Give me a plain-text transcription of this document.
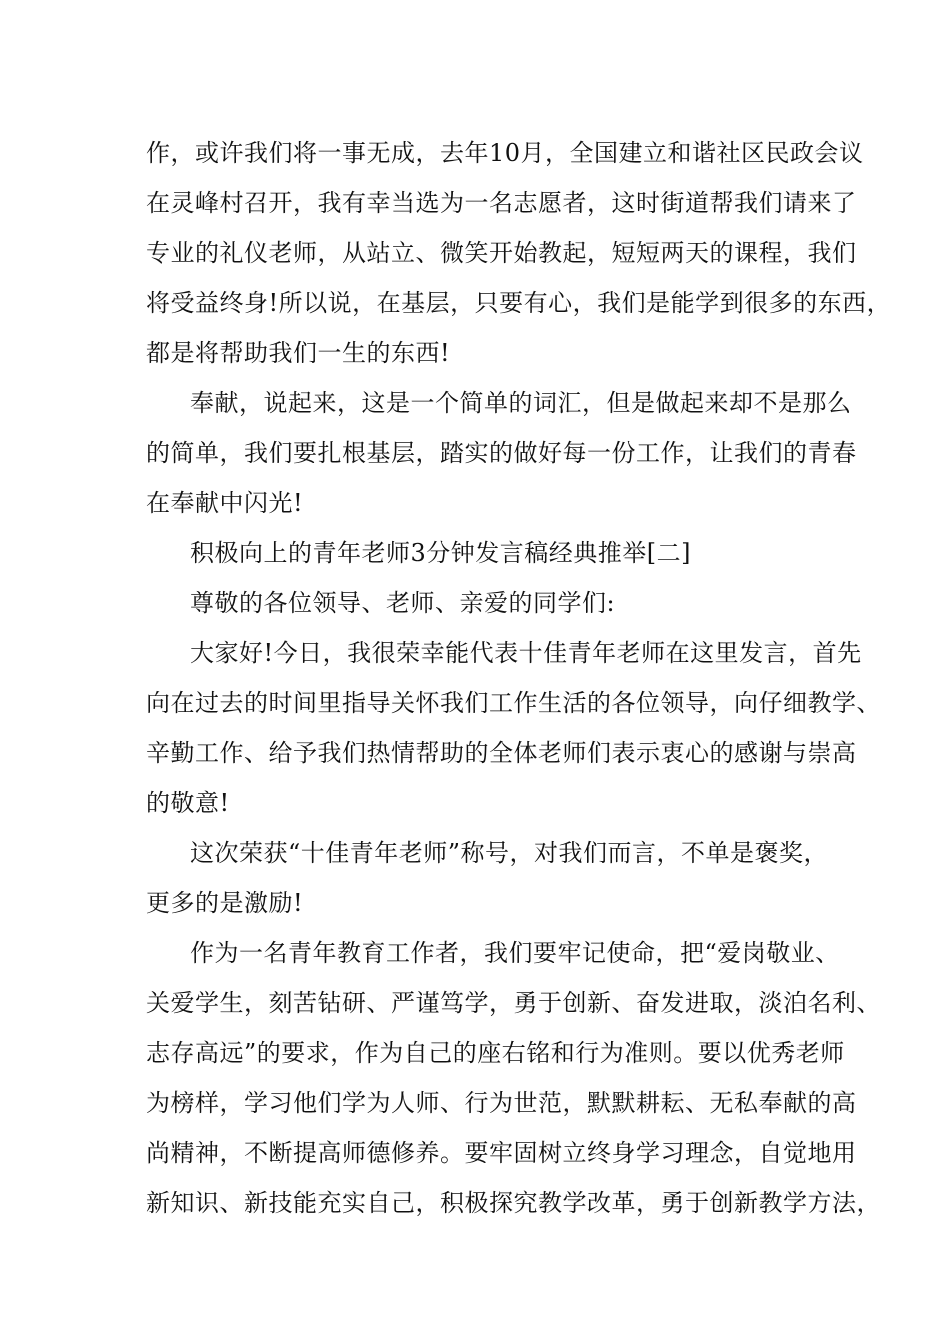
作，或许我们将一事无成，去年10月，全国建立和谐社区民政会议
在灵峰村召开，我有幸当选为一名志愿者，这时街道帮我们请来了
专业的礼仪老师，从站立、微笑开始教起，短短两天的课程，我们
将受益终身!所以说，在基层，只要有心，我们是能学到很多的东西，
都是将帮助我们一生的东西!
奉献，说起来，这是一个简单的词汇，但是做起来却不是那么
的简单，我们要扎根基层，踏实的做好每一份工作，让我们的青春
在奉献中闪光!
积极向上的青年老师3分钟发言稿经典推举[二]
尊敬的各位领导、老师、亲爱的同学们:
大家好!今日，我很荣幸能代表十佳青年老师在这里发言，首先
向在过去的时间里指导关怀我们工作生活的各位领导，向仔细教学、
辛勤工作、给予我们热情帮助的全体老师们表示衷心的感谢与崇高
的敬意!
这次荣获“十佳青年老师”称号，对我们而言，不单是褒奖，
更多的是激励!
作为一名青年教育工作者，我们要牢记使命，把“爱岗敬业、
关爱学生，刻苦钻研、严谨笃学，勇于创新、奋发进取，淡泊名利、
志存高远”的要求，作为自己的座右铭和行为准则。要以优秀老师
为榜样，学习他们学为人师、行为世范，默默耕耘、无私奉献的高
尚精神，不断提高师德修养。要牢固树立终身学习理念，自觉地用
新知识、新技能充实自己，积极探究教学改革，勇于创新教学方法，
